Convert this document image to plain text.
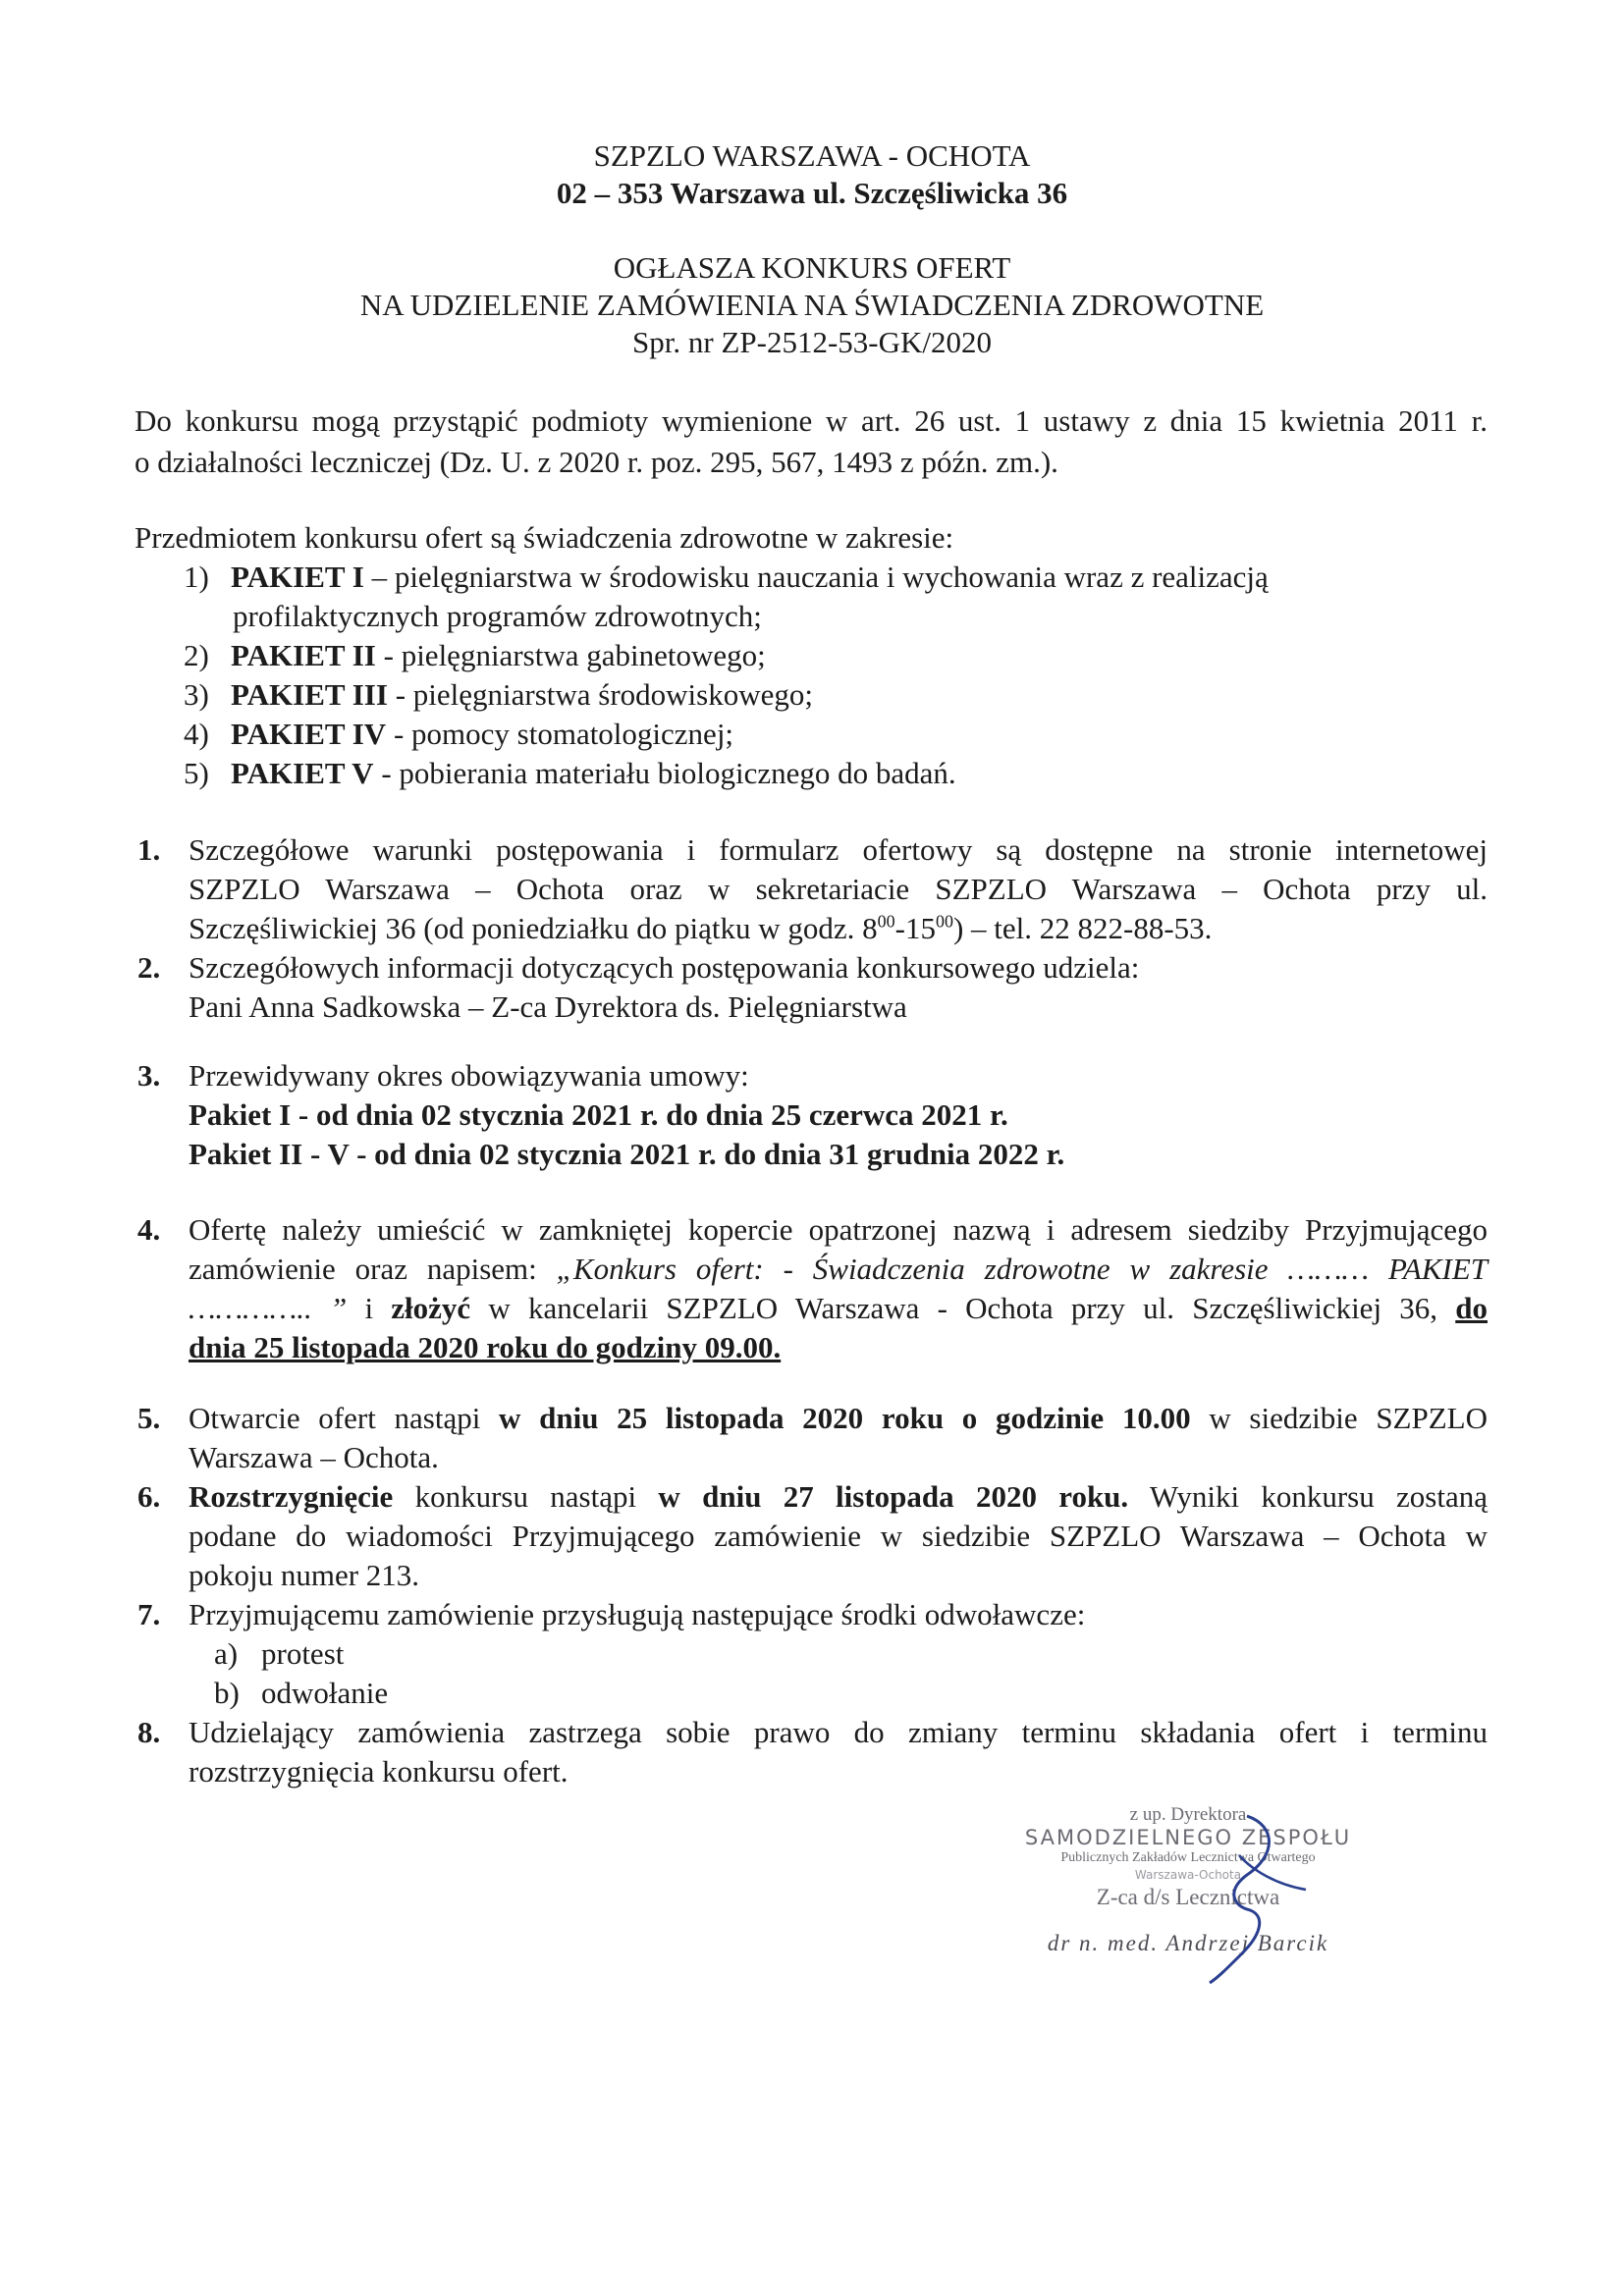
SZPZLO WARSZAWA - OCHOTA
02 – 353 Warszawa ul. Szczęśliwicka 36
OGŁASZA KONKURS OFERT
NA UDZIELENIE ZAMÓWIENIA NA ŚWIADCZENIA ZDROWOTNE
Spr. nr ZP-2512-53-GK/2020
Do konkursu mogą przystąpić podmioty wymienione w art. 26 ust. 1 ustawy z dnia 15 kwietnia 2011 r.
o działalności leczniczej (Dz. U. z 2020 r. poz. 295, 567, 1493 z późn. zm.).
Przedmiotem konkursu ofert są świadczenia zdrowotne w zakresie:
1) PAKIET I – pielęgniarstwa w środowisku nauczania i wychowania wraz z realizacją
profilaktycznych programów zdrowotnych;
2) PAKIET II - pielęgniarstwa gabinetowego;
3) PAKIET III - pielęgniarstwa środowiskowego;
4) PAKIET IV - pomocy stomatologicznej;
5) PAKIET V - pobierania materiału biologicznego do badań.
1. Szczegółowe warunki postępowania i formularz ofertowy są dostępne na stronie internetowej
SZPZLO Warszawa – Ochota oraz w sekretariacie SZPZLO Warszawa – Ochota przy ul.
Szczęśliwickiej 36 (od poniedziałku do piątku w godz. $8^{00}-15^{00}$) – tel. 22 822-88-53.
2. Szczegółowych informacji dotyczących postępowania konkursowego udziela:
Pani Anna Sadkowska – Z-ca Dyrektora ds. Pielęgniarstwa
3. Przewidywany okres obowiązywania umowy:
Pakiet I - od dnia 02 stycznia 2021 r. do dnia 25 czerwca 2021 r.
Pakiet II - V - od dnia 02 stycznia 2021 r. do dnia 31 grudnia 2022 r.
4. Ofertę należy umieścić w zamkniętej kopercie opatrzonej nazwą i adresem siedziby Przyjmującego
zamówienie oraz napisem: „Konkurs ofert: - Świadczenia zdrowotne w zakresie ……… PAKIET
………….. ” i złożyć w kancelarii SZPZLO Warszawa - Ochota przy ul. Szczęśliwickiej 36, do
dnia 25 listopada 2020 roku do godziny 09.00.
5. Otwarcie ofert nastąpi w dniu 25 listopada 2020 roku o godzinie 10.00 w siedzibie SZPZLO
Warszawa – Ochota.
6. Rozstrzygnięcie konkursu nastąpi w dniu 27 listopada 2020 roku. Wyniki konkursu zostaną
podane do wiadomości Przyjmującego zamówienie w siedzibie SZPZLO Warszawa – Ochota w
pokoju numer 213.
7. Przyjmującemu zamówienie przysługują następujące środki odwoławcze:
a) protest
b) odwołanie
8. Udzielający zamówienia zastrzega sobie prawo do zmiany terminu składania ofert i terminu
rozstrzygnięcia konkursu ofert.
z up. Dyrektora
SAMODZIELNEGO ZESPOŁU
Publicznych Zakładów Lecznictwa Otwartego
Warszawa-Ochota
Z-ca d/s Lecznictwa
dr n. med. Andrzej Barcik
